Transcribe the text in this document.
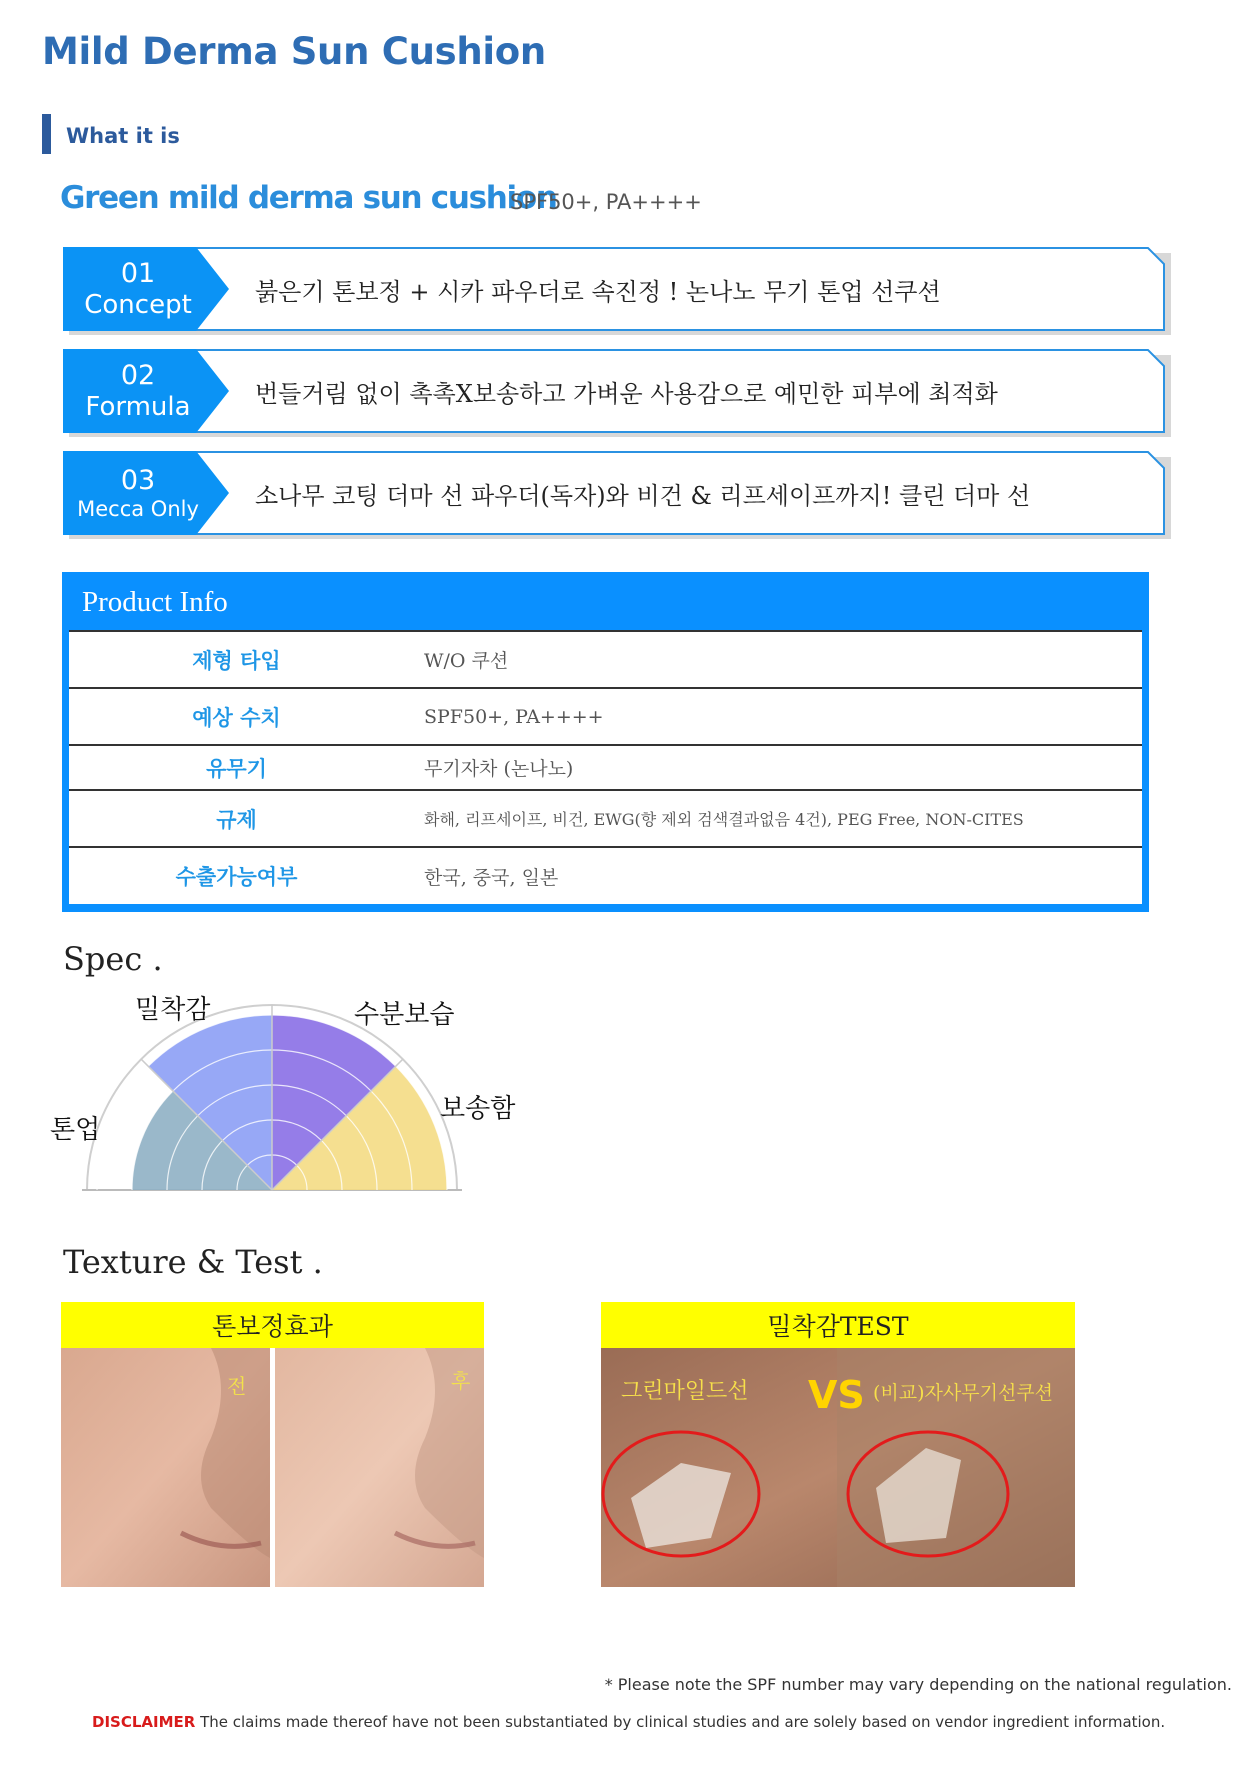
Mild Derma Sun Cushion
What it is
Green mild derma sun cushion
SPF50+, PA++++
01
Concept	붉은기 톤보정 + 시카 파우더로 속진정 ! 논나노 무기 톤업 선쿠션
02
Formula	번들거림 없이 촉촉X보송하고 가벼운 사용감으로 예민한 피부에 최적화
03
Mecca Only 소나무 코팅 더마 선 파우더(독자)와 비건 & 리프세이프까지! 클린 더마 선
Product Info
제형 타입	W/O 쿠션
예상 수치	SPF50+, PA++++
유무기	무기자차 (논나노)
규제	화해, 리프세이프, 비건, EWG(향 제외 검색결과없음 4건), PEG Free, NON-CITES
수출가능여부	한국, 중국, 일본
Spec .
톤업
밀착감	수분보습
보송함
Texture & Test .
톤보정효과
전	후
밀착감TEST
그린마일드선 VS (비교)자사무기선쿠션
* Please note the SPF number may vary depending on the national regulation.
DISCLAIMER The claims made thereof have not been substantiated by clinical studies and are solely based on vendor ingredient information.
